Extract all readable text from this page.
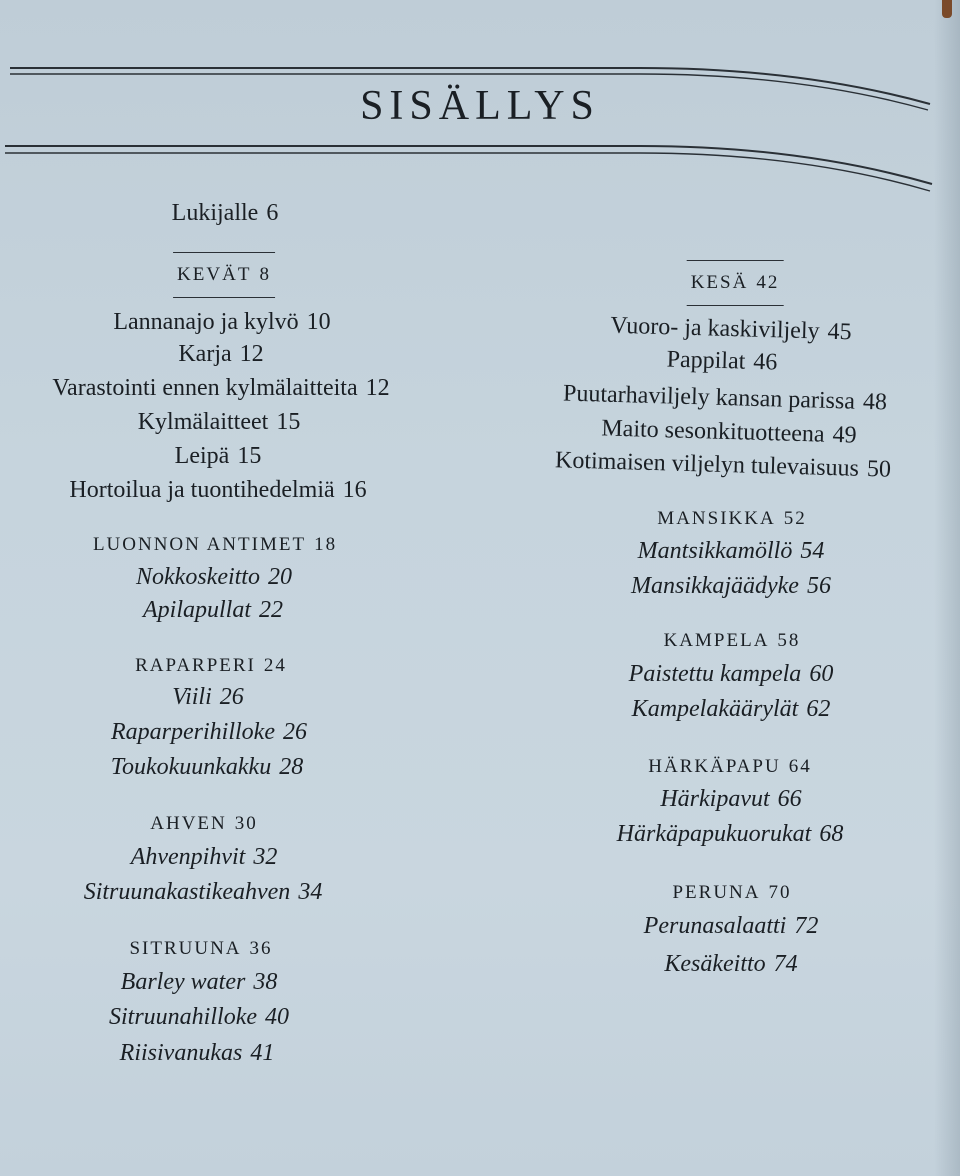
SISÄLLYS
Lukijalle 6
KEVÄT 8
Lannanajo ja kylvö 10
Karja 12
Varastointi ennen kylmälaitteita 12
Kylmälaitteet 15
Leipä 15
Hortoilua ja tuontihedelmiä 16
LUONNON ANTIMET 18
Nokkoskeitto 20
Apilapullat 22
RAPARPERI 24
Viili 26
Raparperihilloke 26
Toukokuunkakku 28
AHVEN 30
Ahvenpihvit 32
Sitruunakastikeahven 34
SITRUUNA 36
Barley water 38
Sitruunahilloke 40
Riisivanukas 41
KESÄ 42
Vuoro- ja kaskiviljely 45
Pappilat 46
Puutarhaviljely kansan parissa 48
Maito sesonkituotteena 49
Kotimaisen viljelyn tulevaisuus 50
MANSIKKA 52
Mantsikkamöllö 54
Mansikkajäädyke 56
KAMPELA 58
Paistettu kampela 60
Kampelakäärylät 62
HÄRKÄPAPU 64
Härkipavut 66
Härkäpapukuorukat 68
PERUNA 70
Perunasalaatti 72
Kesäkeitto 74
